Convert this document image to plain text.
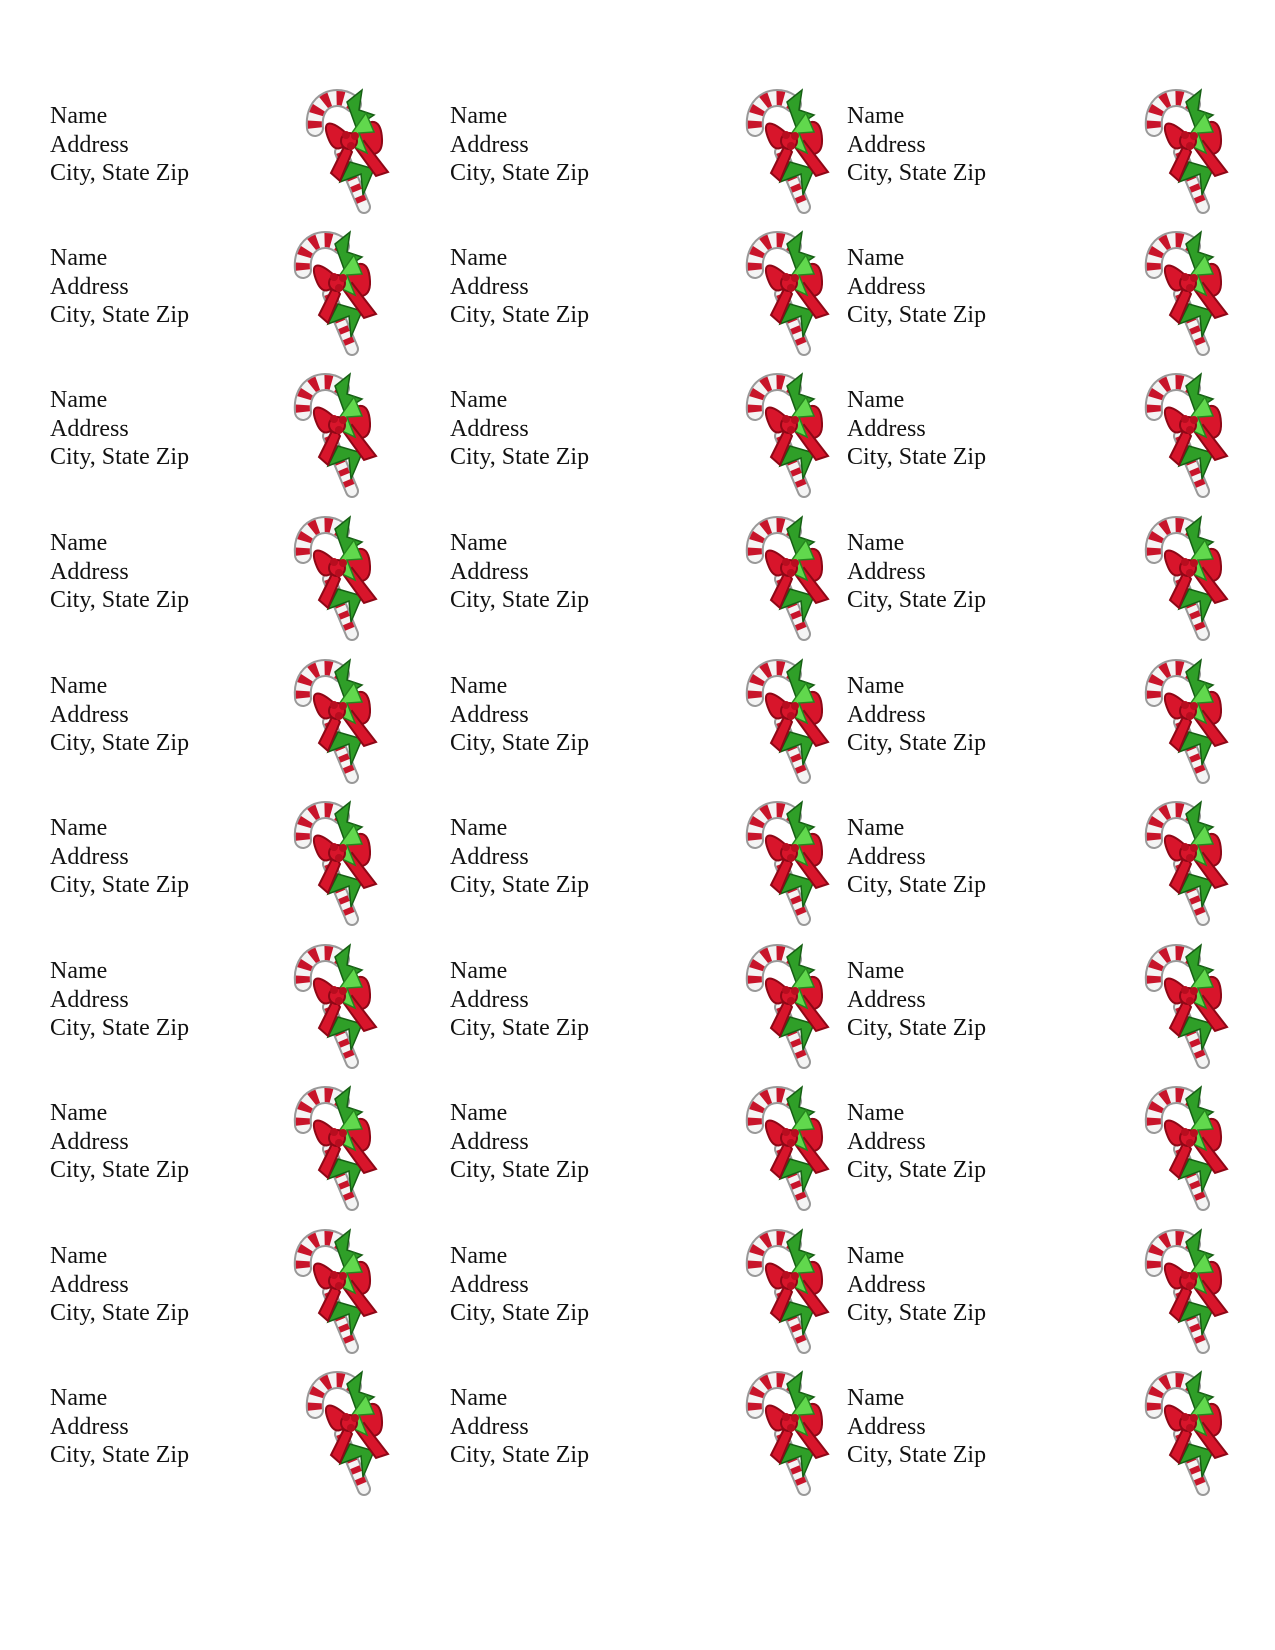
Name
Address
City, State Zip
Name
Address
City, State Zip
Name
Address
City, State Zip
Name
Address
City, State Zip
Name
Address
City, State Zip
Name
Address
City, State Zip
Name
Address
City, State Zip
Name
Address
City, State Zip
Name
Address
City, State Zip
Name
Address
City, State Zip
Name
Address
City, State Zip
Name
Address
City, State Zip
Name
Address
City, State Zip
Name
Address
City, State Zip
Name
Address
City, State Zip
Name
Address
City, State Zip
Name
Address
City, State Zip
Name
Address
City, State Zip
Name
Address
City, State Zip
Name
Address
City, State Zip
Name
Address
City, State Zip
Name
Address
City, State Zip
Name
Address
City, State Zip
Name
Address
City, State Zip
Name
Address
City, State Zip
Name
Address
City, State Zip
Name
Address
City, State Zip
Name
Address
City, State Zip
Name
Address
City, State Zip
Name
Address
City, State Zip
